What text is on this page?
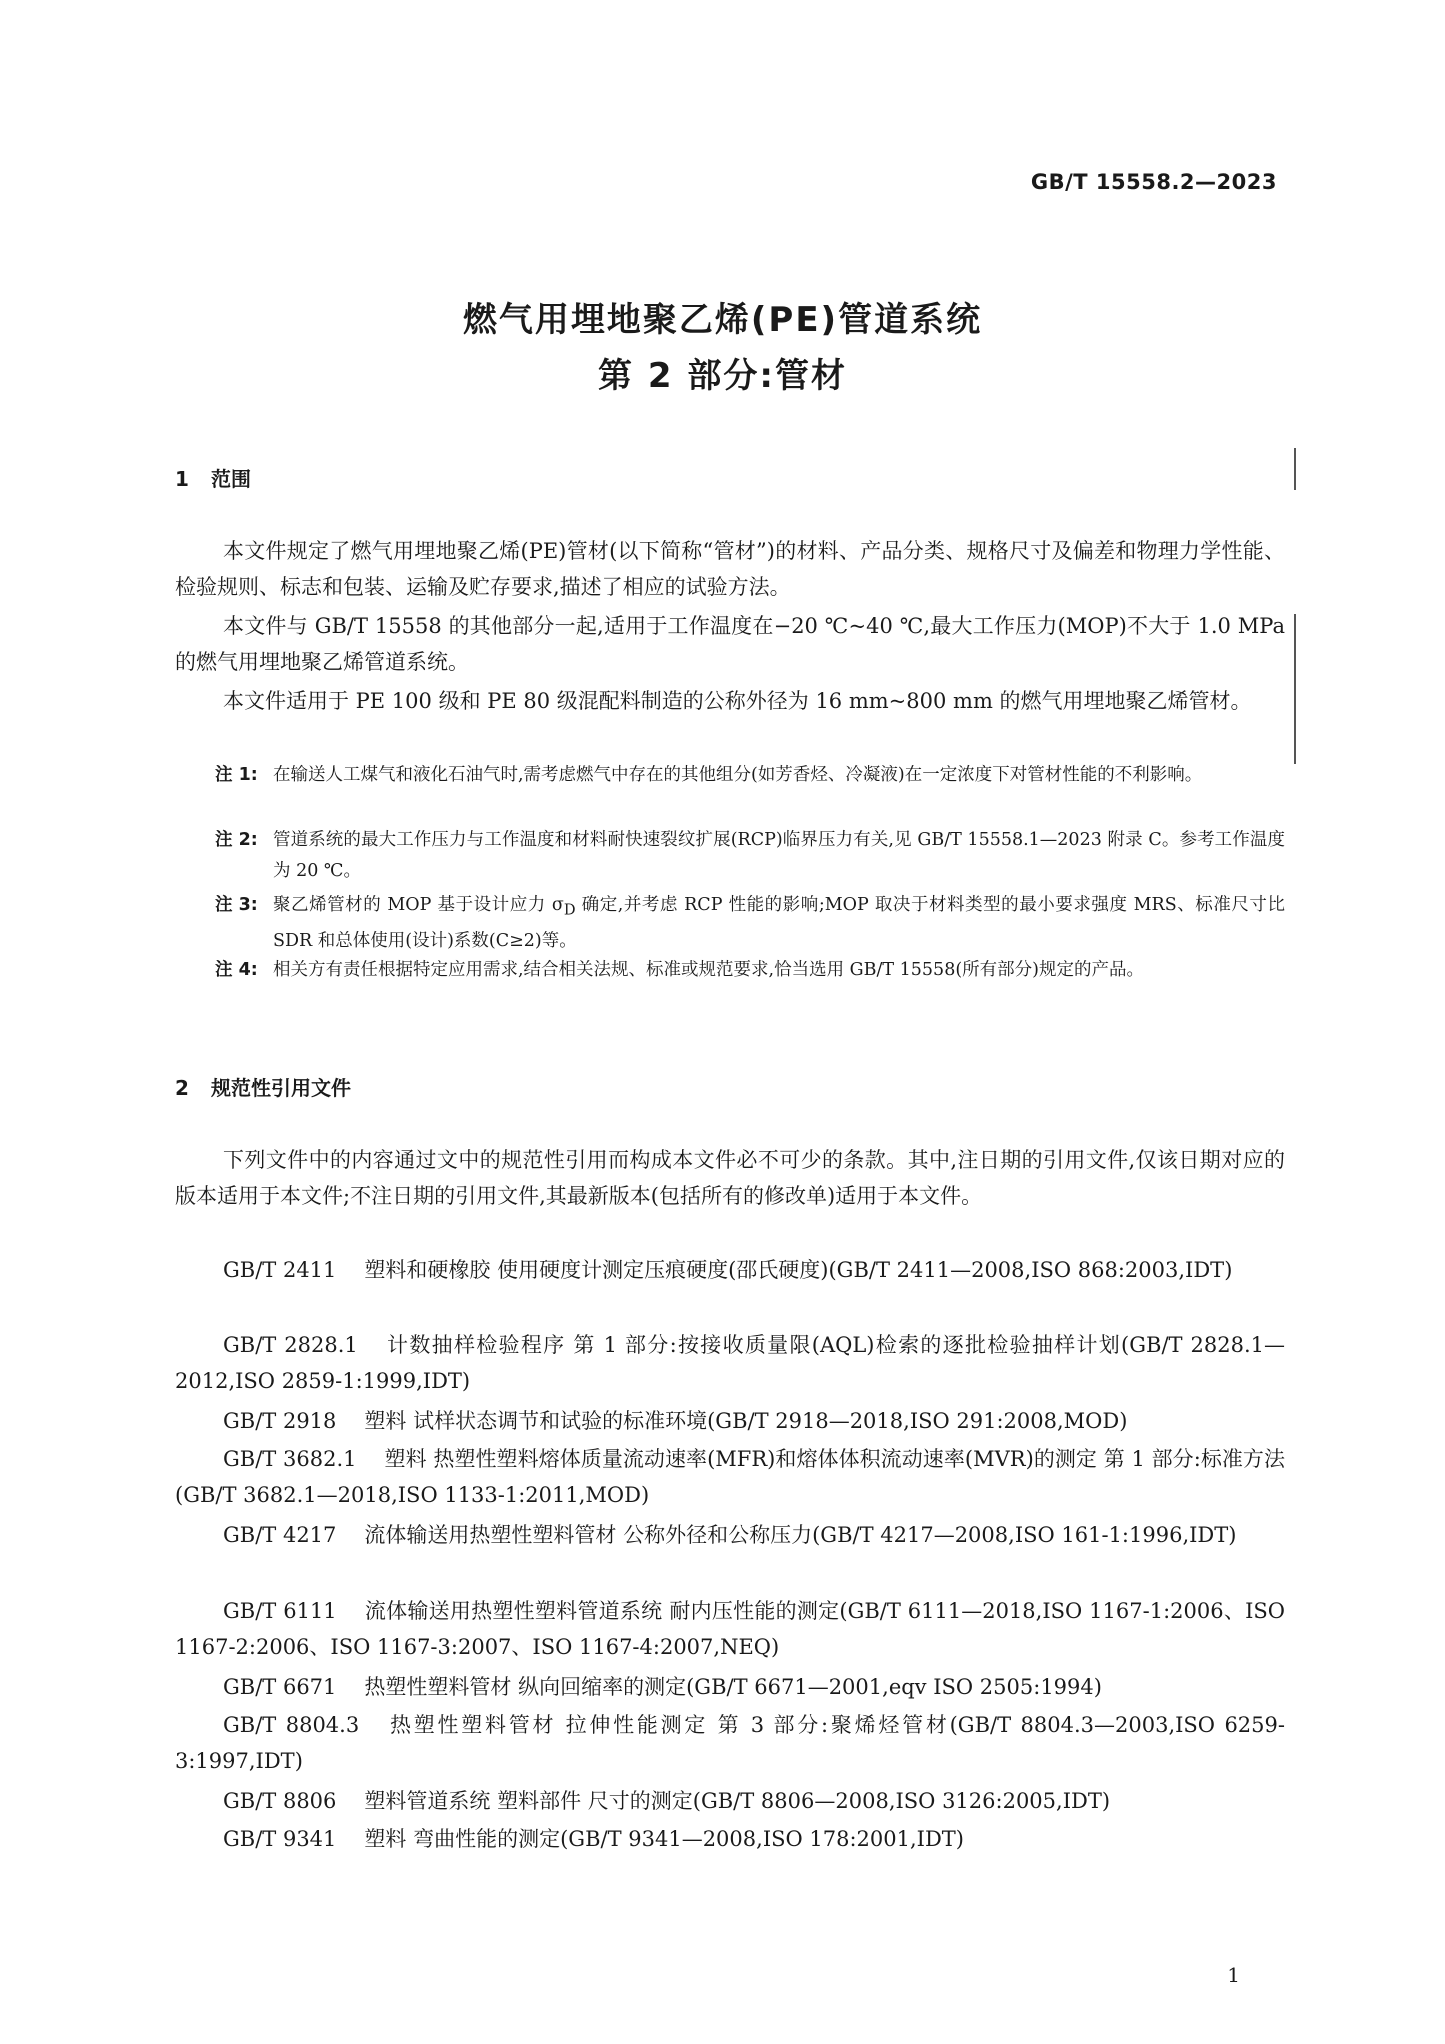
GB/T 15558.2—2023
燃气用埋地聚乙烯(PE)管道系统
第 2 部分:管材
1 范围
本文件规定了燃气用埋地聚乙烯(PE)管材(以下简称“管材”)的材料、产品分类、规格尺寸及偏差和物理力学性能、检验规则、标志和包装、运输及贮存要求,描述了相应的试验方法。
本文件与 GB/T 15558 的其他部分一起,适用于工作温度在−20 ℃~40 ℃,最大工作压力(MOP)不大于 1.0 MPa 的燃气用埋地聚乙烯管道系统。
本文件适用于 PE 100 级和 PE 80 级混配料制造的公称外径为 16 mm~800 mm 的燃气用埋地聚乙烯管材。
注 1: 在输送人工煤气和液化石油气时,需考虑燃气中存在的其他组分(如芳香烃、冷凝液)在一定浓度下对管材性能的不利影响。
注 2: 管道系统的最大工作压力与工作温度和材料耐快速裂纹扩展(RCP)临界压力有关,见 GB/T 15558.1—2023 附录 C。参考工作温度为 20 ℃。
注 3: 聚乙烯管材的 MOP 基于设计应力 $\sigma_D$ 确定,并考虑 RCP 性能的影响;MOP 取决于材料类型的最小要求强度 MRS、标准尺寸比 SDR 和总体使用(设计)系数(C≥2)等。
注 4: 相关方有责任根据特定应用需求,结合相关法规、标准或规范要求,恰当选用 GB/T 15558(所有部分)规定的产品。
2 规范性引用文件
下列文件中的内容通过文中的规范性引用而构成本文件必不可少的条款。其中,注日期的引用文件,仅该日期对应的版本适用于本文件;不注日期的引用文件,其最新版本(包括所有的修改单)适用于本文件。
GB/T 2411 塑料和硬橡胶 使用硬度计测定压痕硬度(邵氏硬度)(GB/T 2411—2008,ISO 868:2003,IDT)
GB/T 2828.1 计数抽样检验程序 第 1 部分:按接收质量限(AQL)检索的逐批检验抽样计划(GB/T 2828.1—2012,ISO 2859-1:1999,IDT)
GB/T 2918 塑料 试样状态调节和试验的标准环境(GB/T 2918—2018,ISO 291:2008,MOD)
GB/T 3682.1 塑料 热塑性塑料熔体质量流动速率(MFR)和熔体体积流动速率(MVR)的测定 第 1 部分:标准方法(GB/T 3682.1—2018,ISO 1133-1:2011,MOD)
GB/T 4217 流体输送用热塑性塑料管材 公称外径和公称压力(GB/T 4217—2008,ISO 161-1:1996,IDT)
GB/T 6111 流体输送用热塑性塑料管道系统 耐内压性能的测定(GB/T 6111—2018,ISO 1167-1:2006、ISO 1167-2:2006、ISO 1167-3:2007、ISO 1167-4:2007,NEQ)
GB/T 6671 热塑性塑料管材 纵向回缩率的测定(GB/T 6671—2001,eqv ISO 2505:1994)
GB/T 8804.3 热塑性塑料管材 拉伸性能测定 第 3 部分:聚烯烃管材(GB/T 8804.3—2003,ISO 6259-3:1997,IDT)
GB/T 8806 塑料管道系统 塑料部件 尺寸的测定(GB/T 8806—2008,ISO 3126:2005,IDT)
GB/T 9341 塑料 弯曲性能的测定(GB/T 9341—2008,ISO 178:2001,IDT)
1
